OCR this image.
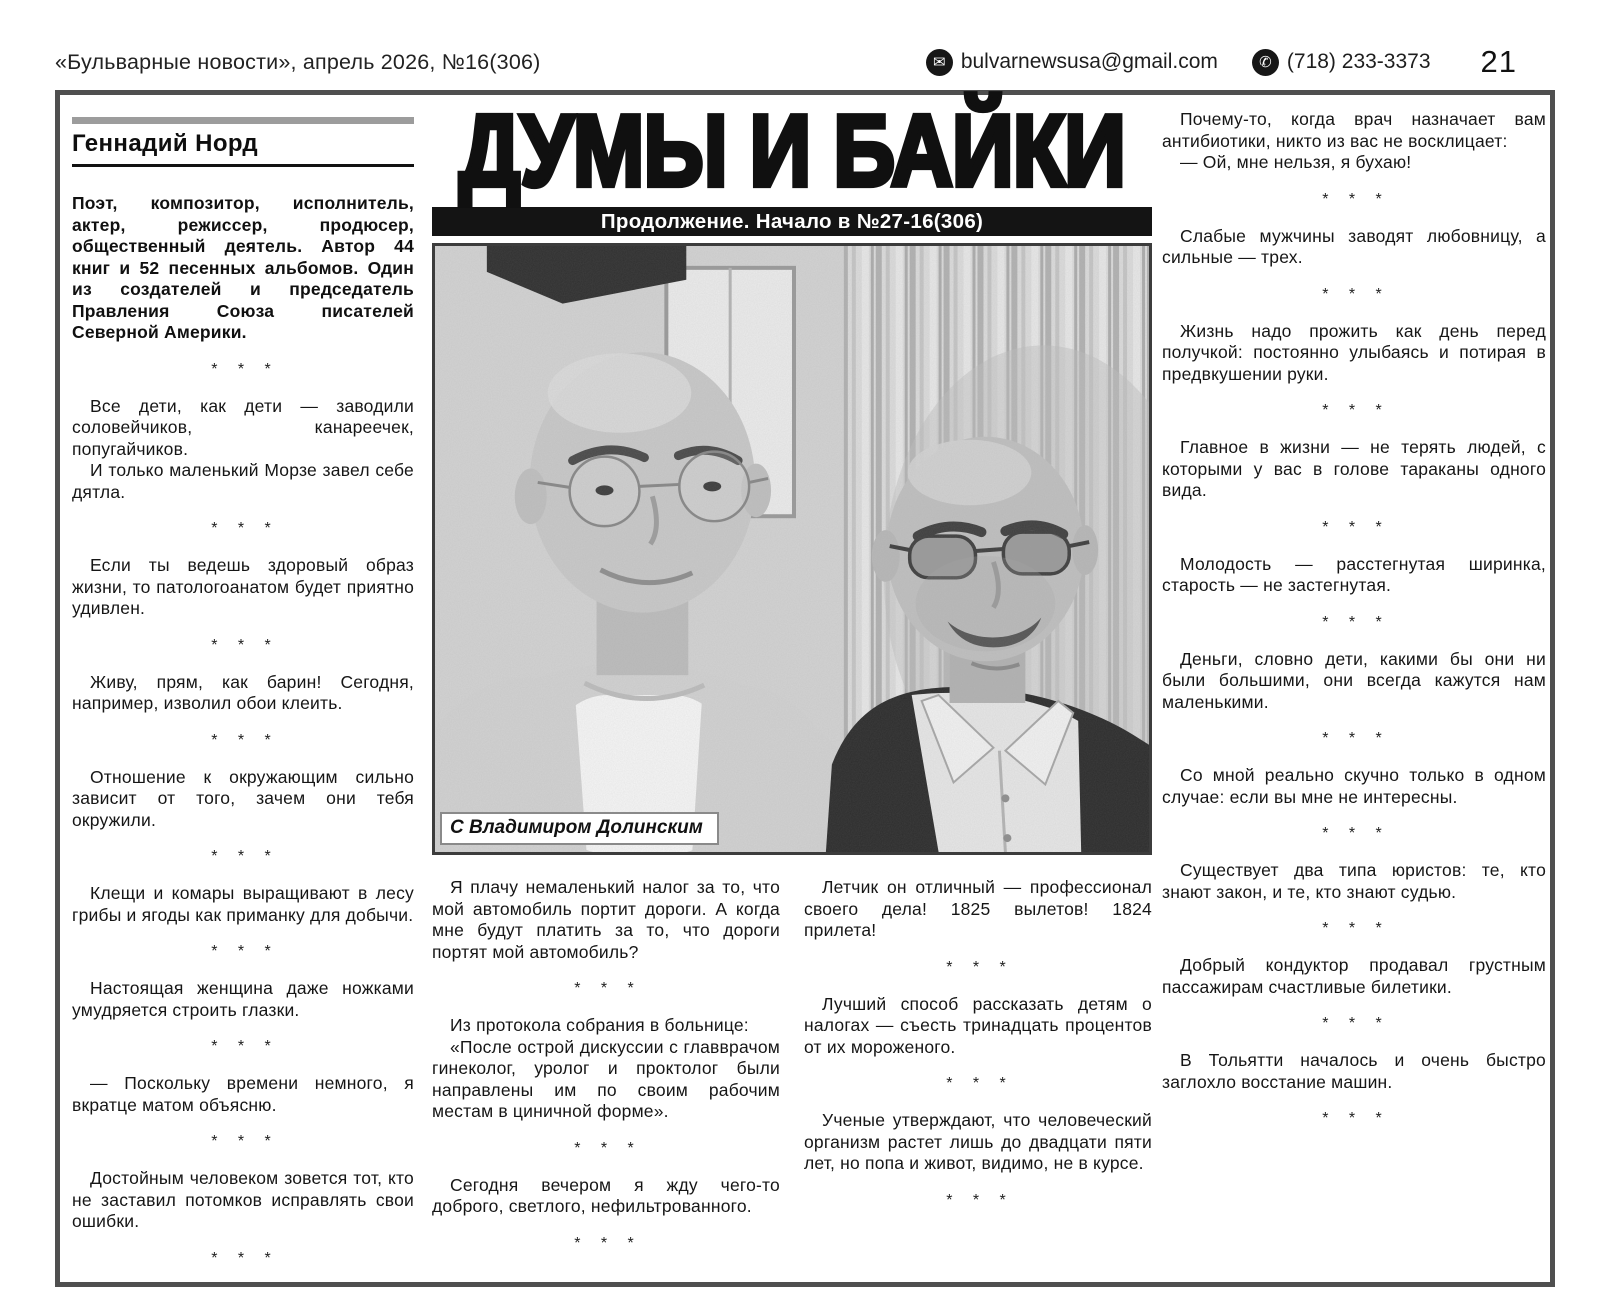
«Бульварные новости», апрель 2026, №16(306)	✉ bulvarnewsusa@gmail.com	✆ (718) 233-3373 21
Геннадий Норд
Поэт, композитор, исполнитель, актер, режиссер, продюсер, общественный деятель. Автор 44 книг и 52 песенных альбомов. Один из создателей и председатель Правления Союза писателей Северной Америки.
* * *

Все дети, как дети — заводили соловейчиков, канареечек, попугайчиков.

И только маленький Морзе завел себе дятла.

* * *

Если ты ведешь здоровый образ жизни, то патологоанатом будет приятно удивлен.

* * *

Живу, прям, как барин! Сегодня, например, изволил обои клеить.

* * *

Отношение к окружающим сильно зависит от того, зачем они тебя окружили.

* * *

Клещи и комары выращивают в лесу грибы и ягоды как приманку для добычи.

* * *

Настоящая женщина даже ножками умудряется строить глазки.

* * *

— Поскольку времени немного, я вкратце матом объясню.

* * *

Достойным человеком зовется тот, кто не заставил потомков исправлять свои ошибки.

* * *
ДУМЫ И БАЙКИ
Продолжение. Начало в №27-16(306)
С Владимиром Долинским

Я плачу немаленький налог за то, что мой автомобиль портит дороги. А когда мне будут платить за то, что дороги портят мой автомобиль?

* * *

Из протокола собрания в больнице:

«После острой дискуссии с главврачом гинеколог, уролог и проктолог были направлены им по своим рабочим местам в циничной форме».

* * *

Сегодня вечером я жду чего-то доброго, светлого, нефильтрованного.

* * *

Летчик он отличный — профессионал своего дела! 1825 вылетов! 1824 прилета!

* * *

Лучший способ рассказать детям о налогах — съесть тринадцать процентов от их мороженого.

* * *

Ученые утверждают, что человеческий организм растет лишь до двадцати пяти лет, но попа и живот, видимо, не в курсе.

* * *

Почему-то, когда врач назначает вам антибиотики, никто из вас не восклицает:

— Ой, мне нельзя, я бухаю!

* * *

Слабые мужчины заводят любовницу, а сильные — трех.

* * *

Жизнь надо прожить как день перед получкой: постоянно улыбаясь и потирая в предвкушении руки.

* * *

Главное в жизни — не терять людей, с которыми у вас в голове тараканы одного вида.

* * *

Молодость — расстегнутая ширинка, старость — не застегнутая.

* * *

Деньги, словно дети, какими бы они ни были большими, они всегда кажутся нам маленькими.

* * *

Со мной реально скучно только в одном случае: если вы мне не интересны.

* * *

Существует два типа юристов: те, кто знают закон, и те, кто знают судью.

* * *

Добрый кондуктор продавал грустным пассажирам счастливые билетики.

* * *

В Тольятти началось и очень быстро заглохло восстание машин.

* * *
